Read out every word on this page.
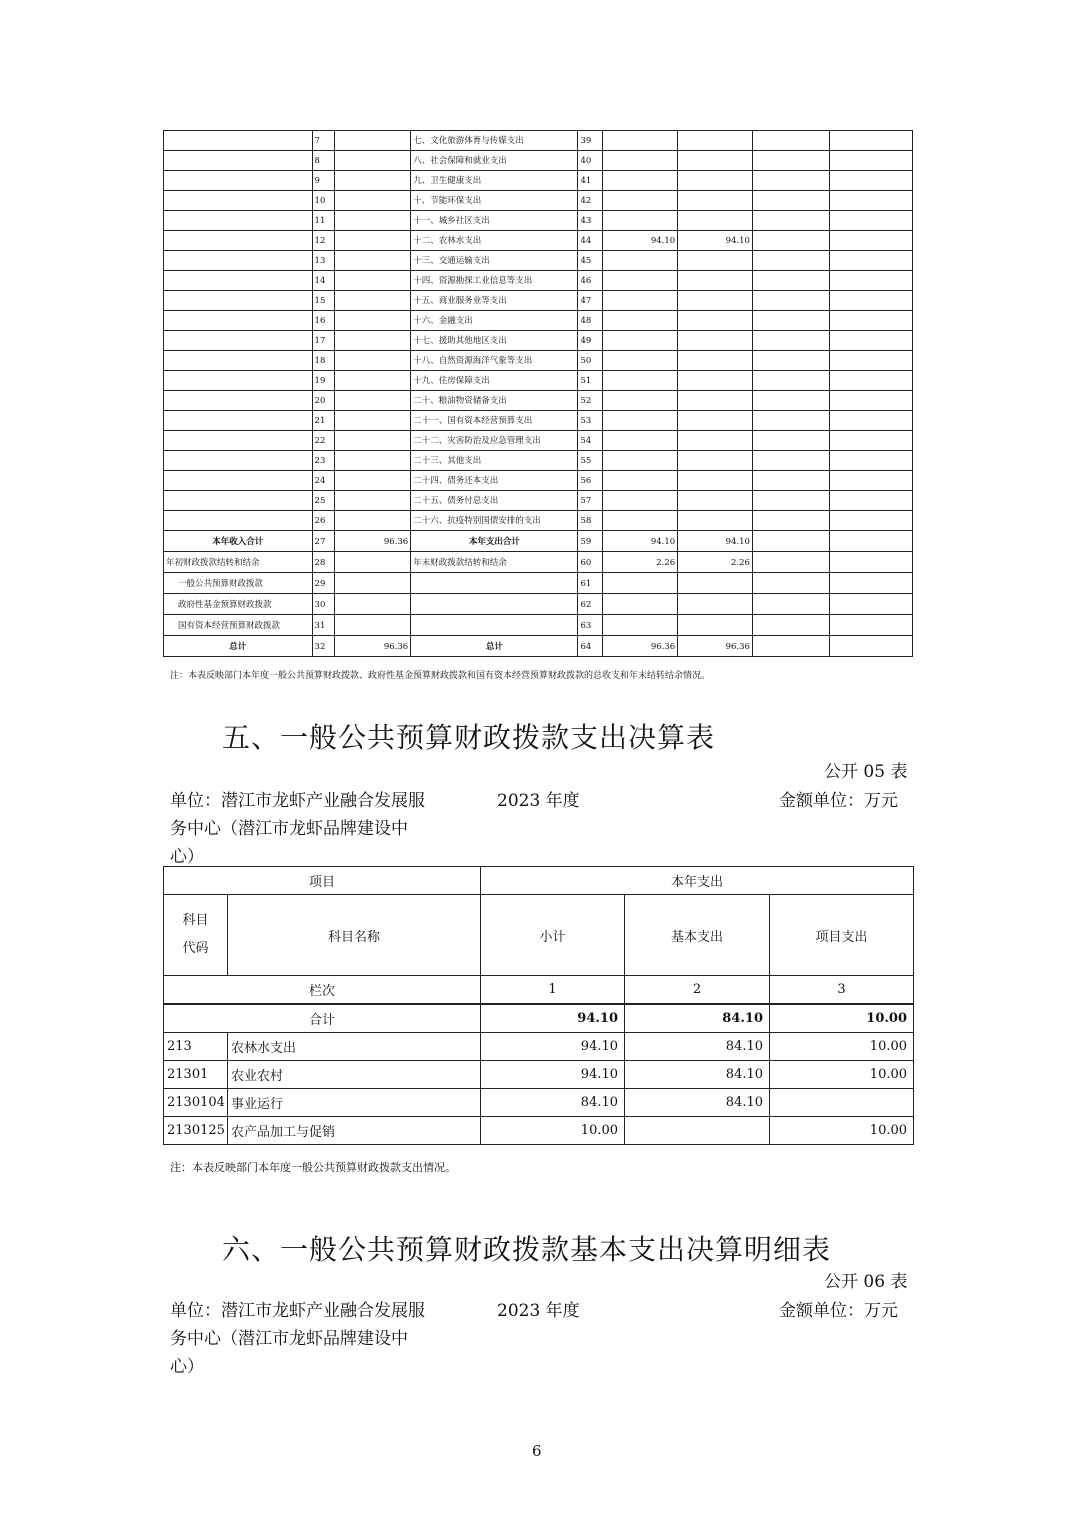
	7		七、文化旅游体育与传媒支出	39				
	8		八、社会保障和就业支出	40				
	9		九、卫生健康支出	41				
	10		十、节能环保支出	42				
	11		十一、城乡社区支出	43				
	12		十二、农林水支出	44	94.10	94.10		
	13		十三、交通运输支出	45				
	14		十四、资源勘探工业信息等支出	46				
	15		十五、商业服务业等支出	47				
	16		十六、金融支出	48				
	17		十七、援助其他地区支出	49				
	18		十八、自然资源海洋气象等支出	50				
	19		十九、住房保障支出	51				
	20		二十、粮油物资储备支出	52				
	21		二十一、国有资本经营预算支出	53				
	22		二十二、灾害防治及应急管理支出	54				
	23		二十三、其他支出	55				
	24		二十四、债务还本支出	56				
	25		二十五、债务付息支出	57				
	26		二十六、抗疫特别国债安排的支出	58				
本年收入合计	27	96.36	本年支出合计	59	94.10	94.10		
年初财政拨款结转和结余	28		年末财政拨款结转和结余	60	2.26	2.26		
一般公共预算财政拨款	29			61				
政府性基金预算财政拨款	30			62				
国有资本经营预算财政拨款	31			63				
总计	32	96.36	总计	64	96.36	96.36		
注：本表反映部门本年度一般公共预算财政拨款、政府性基金预算财政拨款和国有资本经营预算财政拨款的总收支和年末结转结余情况。
五、一般公共预算财政拨款支出决算表
公开 05 表
单位：潜江市龙虾产业融合发展服
务中心（潜江市龙虾品牌建设中
心）
2023 年度	金额单位：万元
项目		本年支出		
科目代码	科目名称	小计	基本支出	项目支出
栏次		1	2	3
合计		94.10	84.10	10.00
213	农林水支出	94.10	84.10	10.00
21301	农业农村	94.10	84.10	10.00
2130104	事业运行	84.10	84.10	
2130125	农产品加工与促销	10.00		10.00
注：本表反映部门本年度一般公共预算财政拨款支出情况。
六、一般公共预算财政拨款基本支出决算明细表
公开 06 表
单位：潜江市龙虾产业融合发展服
务中心（潜江市龙虾品牌建设中
心）
2023 年度	金额单位：万元
6
